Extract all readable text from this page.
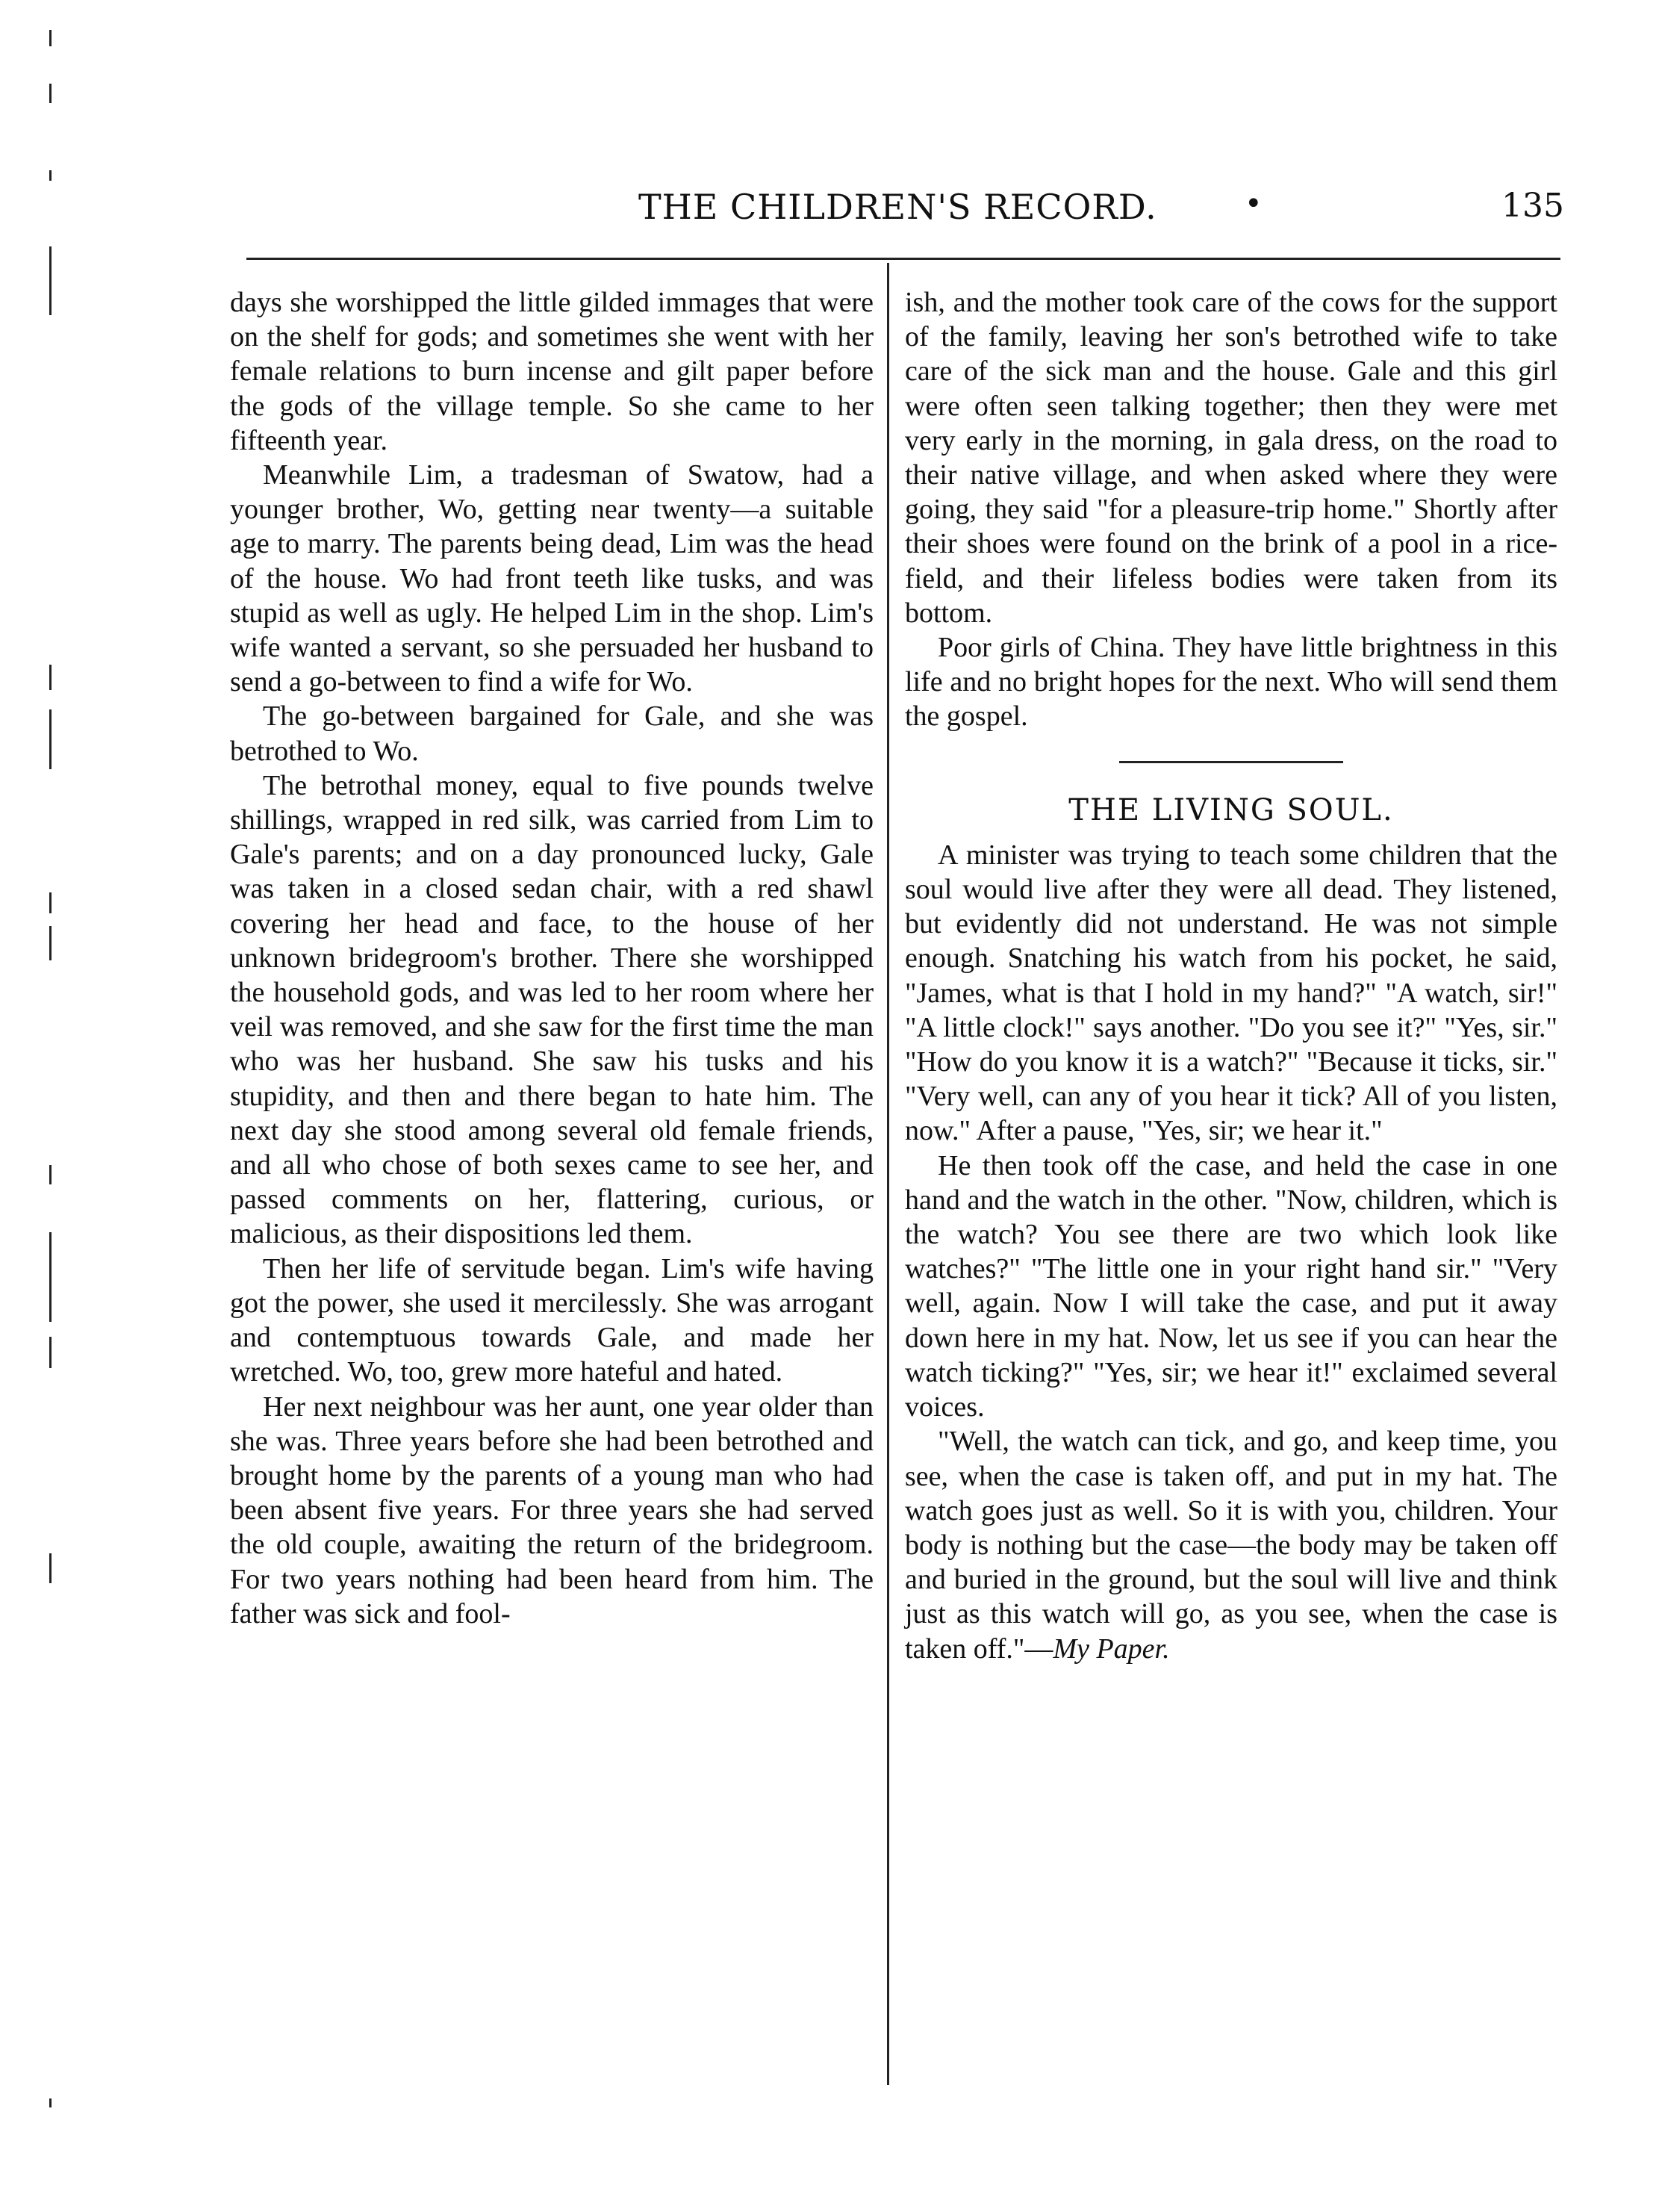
THE CHILDREN'S RECORD.	•	135

days she worshipped the little gilded immages that were on the shelf for gods; and sometimes she went with her female relations to burn incense and gilt paper before the gods of the village temple. So she came to her fifteenth year.

Meanwhile Lim, a tradesman of Swatow, had a younger brother, Wo, getting near twenty—a suitable age to marry. The parents being dead, Lim was the head of the house. Wo had front teeth like tusks, and was stupid as well as ugly. He helped Lim in the shop. Lim's wife wanted a servant, so she persuaded her husband to send a go-between to find a wife for Wo.

The go-between bargained for Gale, and she was betrothed to Wo.

The betrothal money, equal to five pounds twelve shillings, wrapped in red silk, was carried from Lim to Gale's parents; and on a day pronounced lucky, Gale was taken in a closed sedan chair, with a red shawl covering her head and face, to the house of her unknown bridegroom's brother. There she worshipped the household gods, and was led to her room where her veil was removed, and she saw for the first time the man who was her husband. She saw his tusks and his stupidity, and then and there began to hate him. The next day she stood among several old female friends, and all who chose of both sexes came to see her, and passed comments on her, flattering, curious, or malicious, as their dispositions led them.

Then her life of servitude began. Lim's wife having got the power, she used it mercilessly. She was arrogant and contemptuous towards Gale, and made her wretched. Wo, too, grew more hateful and hated.

Her next neighbour was her aunt, one year older than she was. Three years before she had been betrothed and brought home by the parents of a young man who had been absent five years. For three years she had served the old couple, awaiting the return of the bridegroom. For two years nothing had been heard from him. The father was sick and fool-

ish, and the mother took care of the cows for the support of the family, leaving her son's betrothed wife to take care of the sick man and the house. Gale and this girl were often seen talking together; then they were met very early in the morning, in gala dress, on the road to their native village, and when asked where they were going, they said "for a pleasure-trip home." Shortly after their shoes were found on the brink of a pool in a rice-field, and their lifeless bodies were taken from its bottom.

Poor girls of China. They have little brightness in this life and no bright hopes for the next. Who will send them the gospel.

THE LIVING SOUL.

A minister was trying to teach some children that the soul would live after they were all dead. They listened, but evidently did not understand. He was not simple enough. Snatching his watch from his pocket, he said, "James, what is that I hold in my hand?" "A watch, sir!" "A little clock!" says another. "Do you see it?" "Yes, sir." "How do you know it is a watch?" "Because it ticks, sir." "Very well, can any of you hear it tick? All of you listen, now." After a pause, "Yes, sir; we hear it."

He then took off the case, and held the case in one hand and the watch in the other. "Now, children, which is the watch? You see there are two which look like watches?" "The little one in your right hand sir." "Very well, again. Now I will take the case, and put it away down here in my hat. Now, let us see if you can hear the watch ticking?" "Yes, sir; we hear it!" exclaimed several voices.

"Well, the watch can tick, and go, and keep time, you see, when the case is taken off, and put in my hat. The watch goes just as well. So it is with you, children. Your body is nothing but the case—the body may be taken off and buried in the ground, but the soul will live and think just as this watch will go, as you see, when the case is taken off."—My Paper.
